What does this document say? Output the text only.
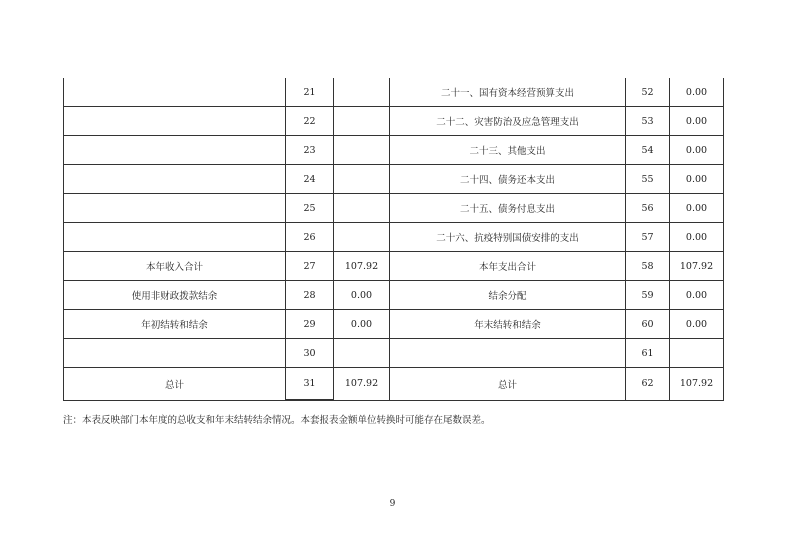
	21		二十一、国有资本经营预算支出	52	0.00
	22		二十二、灾害防治及应急管理支出	53	0.00
	23		二十三、其他支出	54	0.00
	24		二十四、债务还本支出	55	0.00
	25		二十五、债务付息支出	56	0.00
	26		二十六、抗疫特别国债安排的支出	57	0.00
本年收入合计	27	107.92	本年支出合计	58	107.92
使用非财政拨款结余	28	0.00	结余分配	59	0.00
年初结转和结余	29	0.00	年末结转和结余	60	0.00
	30			61	
总计	31	107.92	总计	62	107.92
注：本表反映部门本年度的总收支和年末结转结余情况。本套报表金额单位转换时可能存在尾数误差。
9
